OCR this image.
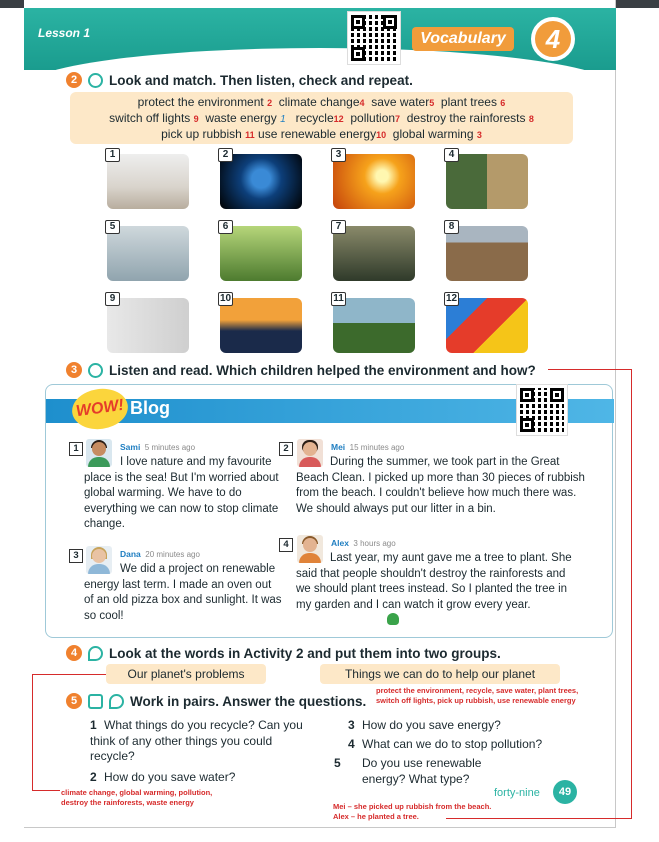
Lesson 1	Vocabulary	4
2	Look and match. Then listen, check and repeat.
protect the environment 2 climate change4 save water5 plant trees 6
switch off lights 9 waste energy 1 recycle12 pollution7 destroy the rainforests 8
pick up rubbish 11 use renewable energy10 global warming 3
1	2	3	4
5	6	7	8
9	10	11	12
3	Listen and read. Which children helped the environment and how?
WOW! Blog
1	Sami 5 minutes ago
I love nature and my favourite place is the sea! But I'm worried about global warming. We have to do everything we can now to stop climate change.
2	Mei 15 minutes ago
During the summer, we took part in the Great Beach Clean. I picked up more than 30 pieces of rubbish from the beach. I couldn't believe how much there was. We should always put our litter in a bin.
3	Dana 20 minutes ago
We did a project on renewable energy last term. I made an oven out of an old pizza box and sunlight. It was so cool!
4	Alex 3 hours ago
Last year, my aunt gave me a tree to plant. She said that people shouldn't destroy the rainforests and we should plant trees instead. So I planted the tree in my garden and I can watch it grow every year.
4	Look at the words in Activity 2 and put them into two groups.
Our planet's problems	Things we can do to help our planet
5	Work in pairs. Answer the questions.
protect the environment, recycle, save water, plant trees, switch off lights, pick up rubbish, use renewable energy
1 What things do you recycle? Can you think of any other things you could recycle?
2 How do you save water?
3 How do you save energy?
4 What can we do to stop pollution?
5 Do you use renewable energy? What type?
climate change, global warming, pollution, destroy the rainforests, waste energy	Mei – she picked up rubbish from the beach.
Alex – he planted a tree.
forty-nine	49
